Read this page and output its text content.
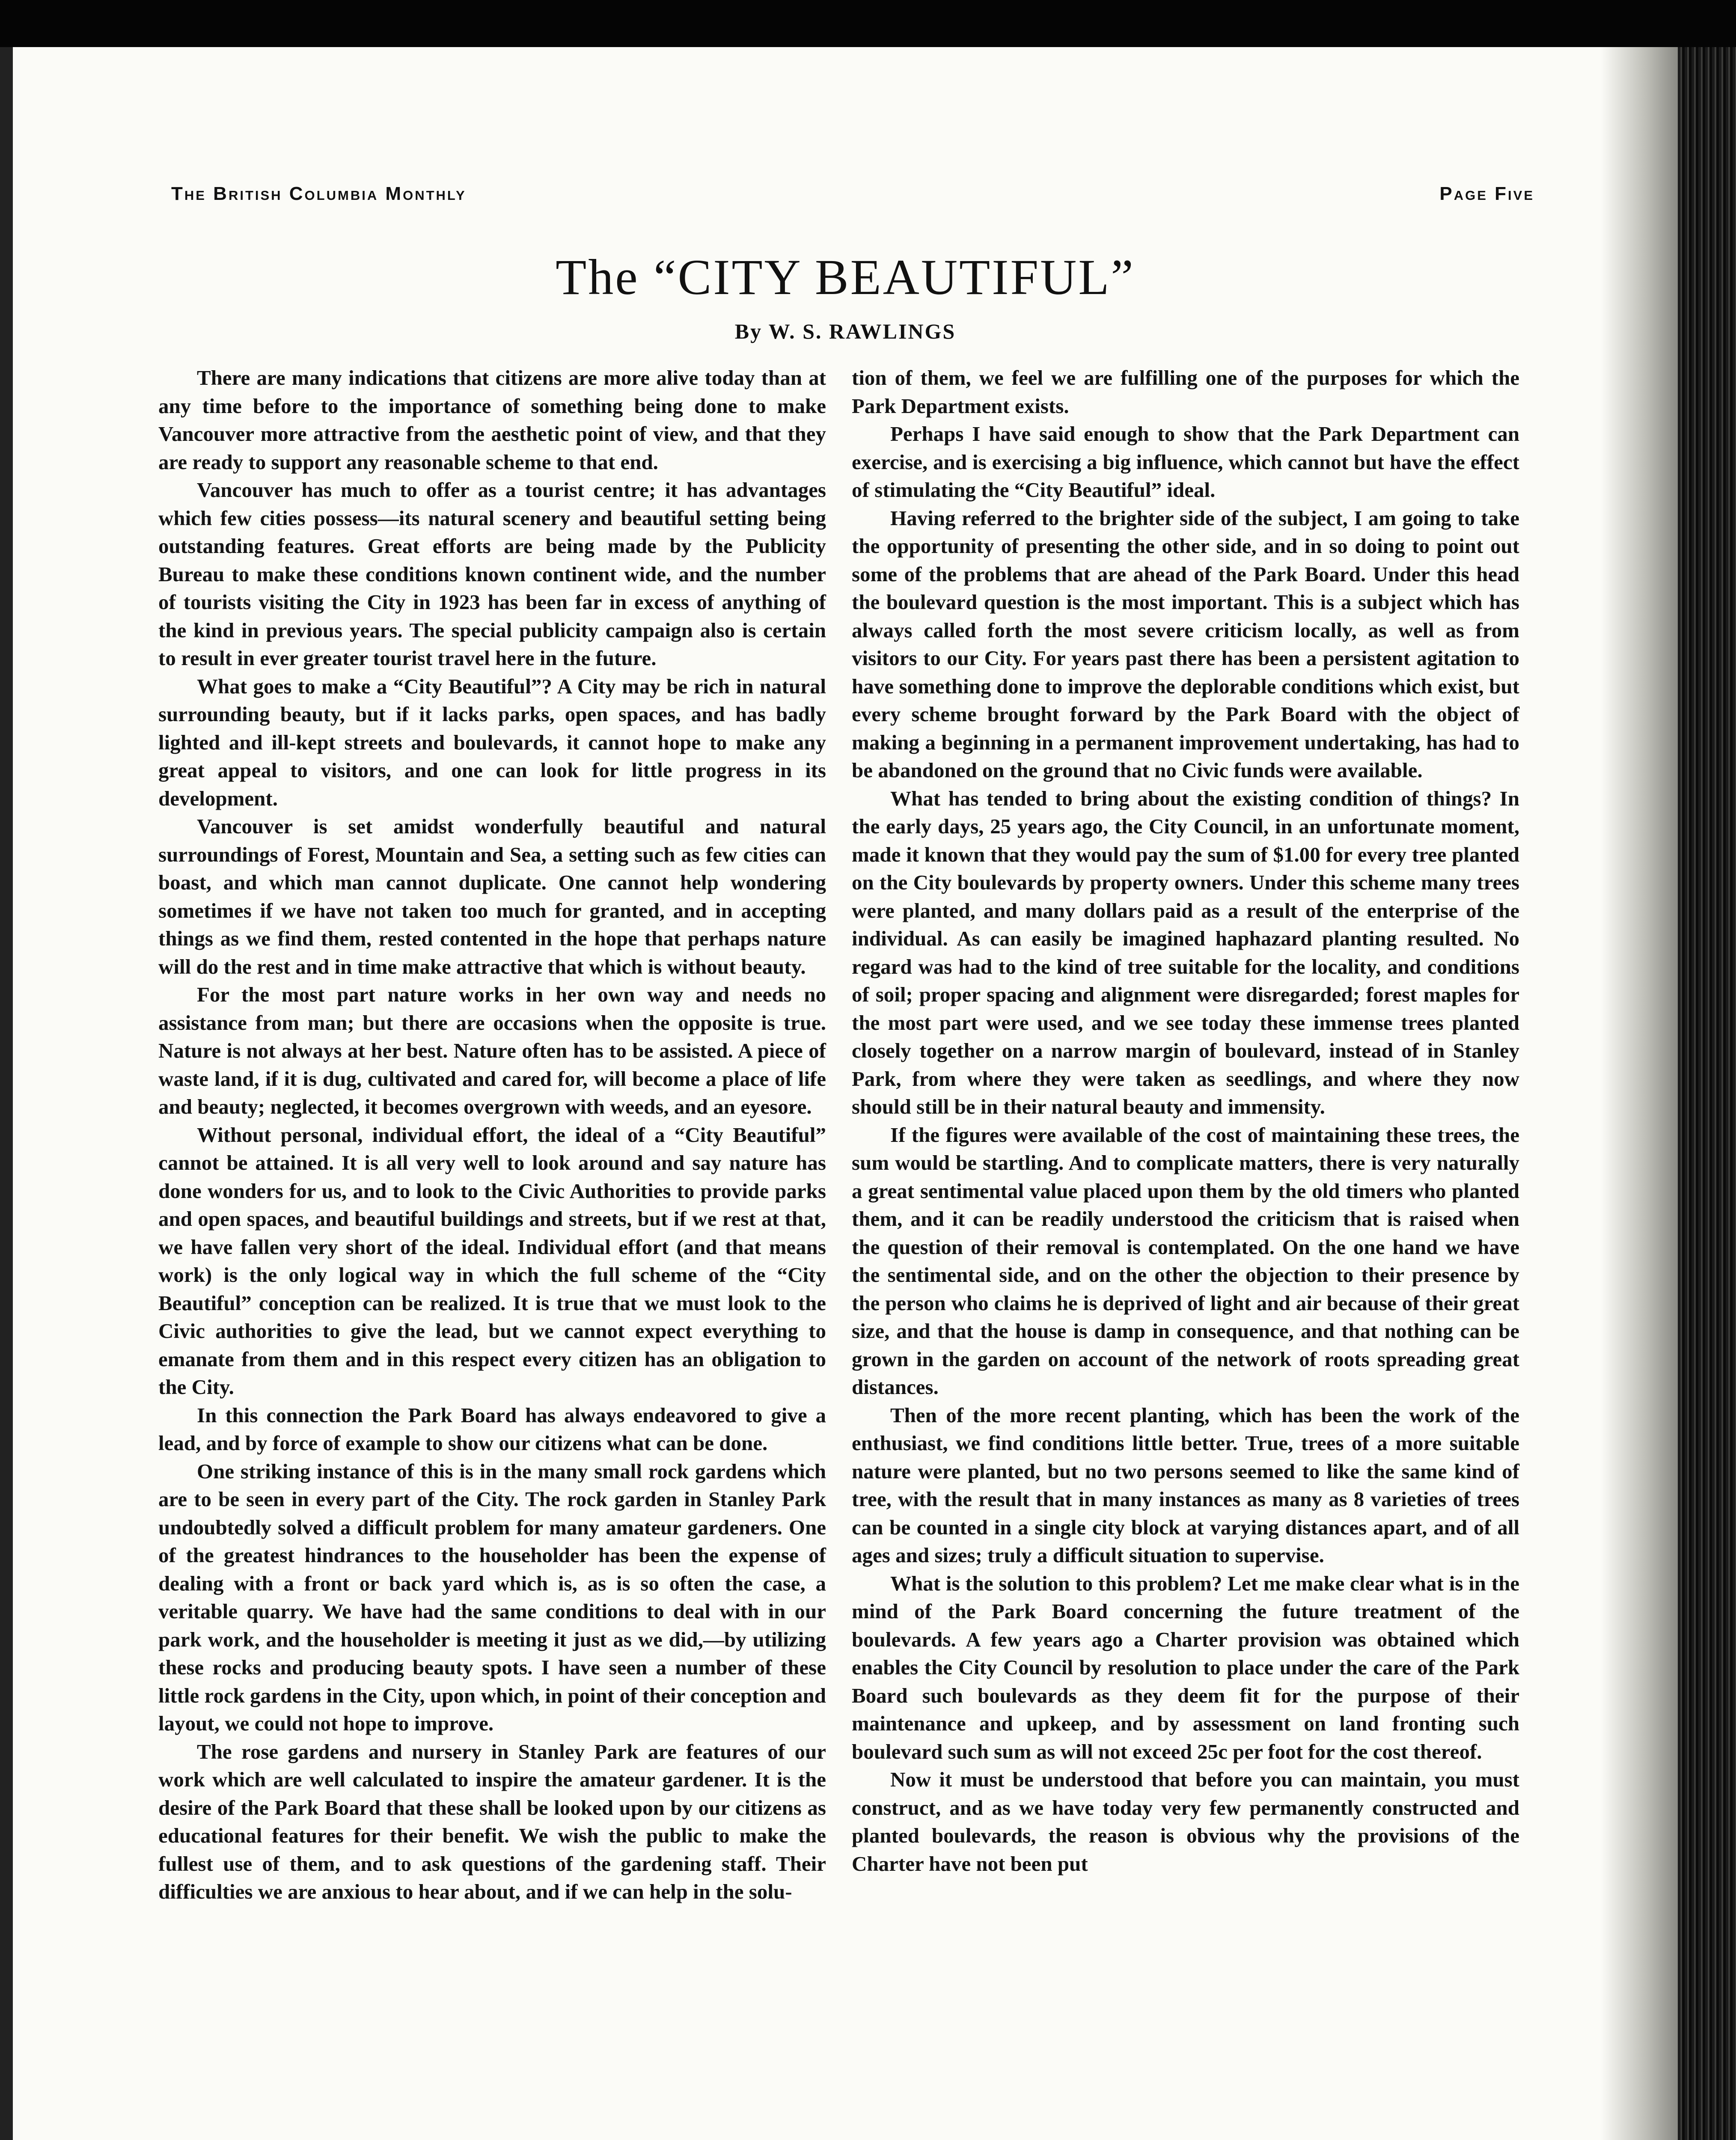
The British Columbia Monthly	Page Five
The “CITY BEAUTIFUL”
By W. S. RAWLINGS

There are many indications that citizens are more alive today than at any time before to the importance of something being done to make Vancouver more attractive from the aesthetic point of view, and that they are ready to support any reasonable scheme to that end.

Vancouver has much to offer as a tourist centre; it has advantages which few cities possess—its natural scenery and beautiful setting being outstanding features. Great efforts are being made by the Publicity Bureau to make these conditions known continent wide, and the number of tourists visiting the City in 1923 has been far in excess of anything of the kind in previous years. The special publicity campaign also is certain to result in ever greater tourist travel here in the future.

What goes to make a “City Beautiful”? A City may be rich in natural surrounding beauty, but if it lacks parks, open spaces, and has badly lighted and ill-kept streets and boulevards, it cannot hope to make any great appeal to visitors, and one can look for little progress in its development.

Vancouver is set amidst wonderfully beautiful and natural surroundings of Forest, Mountain and Sea, a setting such as few cities can boast, and which man cannot duplicate. One cannot help wondering sometimes if we have not taken too much for granted, and in accepting things as we find them, rested contented in the hope that perhaps nature will do the rest and in time make attractive that which is without beauty.

For the most part nature works in her own way and needs no assistance from man; but there are occasions when the opposite is true. Nature is not always at her best. Nature often has to be assisted. A piece of waste land, if it is dug, cultivated and cared for, will become a place of life and beauty; neglected, it becomes overgrown with weeds, and an eyesore.

Without personal, individual effort, the ideal of a “City Beautiful” cannot be attained. It is all very well to look around and say nature has done wonders for us, and to look to the Civic Authorities to provide parks and open spaces, and beautiful buildings and streets, but if we rest at that, we have fallen very short of the ideal. Individual effort (and that means work) is the only logical way in which the full scheme of the “City Beautiful” conception can be realized. It is true that we must look to the Civic authorities to give the lead, but we cannot expect everything to emanate from them and in this respect every citizen has an obligation to the City.

In this connection the Park Board has always endeavored to give a lead, and by force of example to show our citizens what can be done.

One striking instance of this is in the many small rock gardens which are to be seen in every part of the City. The rock garden in Stanley Park undoubtedly solved a difficult problem for many amateur gardeners. One of the greatest hindrances to the householder has been the expense of dealing with a front or back yard which is, as is so often the case, a veritable quarry. We have had the same conditions to deal with in our park work, and the householder is meeting it just as we did,—by utilizing these rocks and producing beauty spots. I have seen a number of these little rock gardens in the City, upon which, in point of their conception and layout, we could not hope to improve.

The rose gardens and nursery in Stanley Park are features of our work which are well calculated to inspire the amateur gardener. It is the desire of the Park Board that these shall be looked upon by our citizens as educational features for their benefit. We wish the public to make the fullest use of them, and to ask questions of the gardening staff. Their difficulties we are anxious to hear about, and if we can help in the solu-

tion of them, we feel we are fulfilling one of the purposes for which the Park Department exists.

Perhaps I have said enough to show that the Park Department can exercise, and is exercising a big influence, which cannot but have the effect of stimulating the “City Beautiful” ideal.

Having referred to the brighter side of the subject, I am going to take the opportunity of presenting the other side, and in so doing to point out some of the problems that are ahead of the Park Board. Under this head the boulevard question is the most important. This is a subject which has always called forth the most severe criticism locally, as well as from visitors to our City. For years past there has been a persistent agitation to have something done to improve the deplorable conditions which exist, but every scheme brought forward by the Park Board with the object of making a beginning in a permanent improvement undertaking, has had to be abandoned on the ground that no Civic funds were available.

What has tended to bring about the existing condition of things? In the early days, 25 years ago, the City Council, in an unfortunate moment, made it known that they would pay the sum of $1.00 for every tree planted on the City boulevards by property owners. Under this scheme many trees were planted, and many dollars paid as a result of the enterprise of the individual. As can easily be imagined haphazard planting resulted. No regard was had to the kind of tree suitable for the locality, and conditions of soil; proper spacing and alignment were disregarded; forest maples for the most part were used, and we see today these immense trees planted closely together on a narrow margin of boulevard, instead of in Stanley Park, from where they were taken as seedlings, and where they now should still be in their natural beauty and immensity.

If the figures were available of the cost of maintaining these trees, the sum would be startling. And to complicate matters, there is very naturally a great sentimental value placed upon them by the old timers who planted them, and it can be readily understood the criticism that is raised when the question of their removal is contemplated. On the one hand we have the sentimental side, and on the other the objection to their presence by the person who claims he is deprived of light and air because of their great size, and that the house is damp in consequence, and that nothing can be grown in the garden on account of the network of roots spreading great distances.

Then of the more recent planting, which has been the work of the enthusiast, we find conditions little better. True, trees of a more suitable nature were planted, but no two persons seemed to like the same kind of tree, with the result that in many instances as many as 8 varieties of trees can be counted in a single city block at varying distances apart, and of all ages and sizes; truly a difficult situation to supervise.

What is the solution to this problem? Let me make clear what is in the mind of the Park Board concerning the future treatment of the boulevards. A few years ago a Charter provision was obtained which enables the City Council by resolution to place under the care of the Park Board such boulevards as they deem fit for the purpose of their maintenance and upkeep, and by assessment on land fronting such boulevard such sum as will not exceed 25c per foot for the cost thereof.

Now it must be understood that before you can maintain, you must construct, and as we have today very few permanently constructed and planted boulevards, the reason is obvious why the provisions of the Charter have not been put
